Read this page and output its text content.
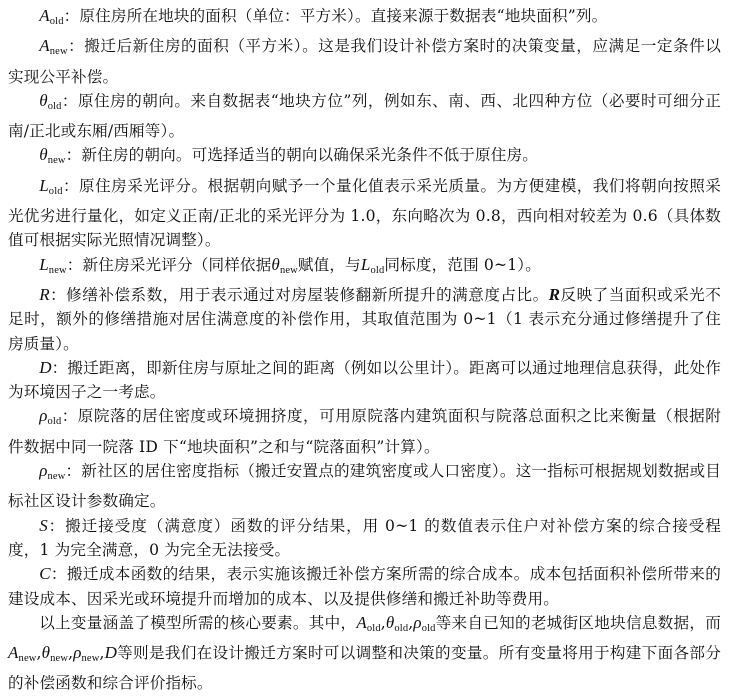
$A_{old}$：原住房所在地块的面积（单位：平方米）。直接来源于数据表“地块面积”列。

$A_{new}$：搬迁后新住房的面积（平方米）。这是我们设计补偿方案时的决策变量，应满足一定条件以实现公平补偿。

$\theta_{old}$：原住房的朝向。来自数据表“地块方位”列，例如东、南、西、北四种方位（必要时可细分正南/正北或东厢/西厢等）。

$\theta_{new}$：新住房的朝向。可选择适当的朝向以确保采光条件不低于原住房。

$L_{old}$：原住房采光评分。根据朝向赋予一个量化值表示采光质量。为方便建模，我们将朝向按照采光优劣进行量化，如定义正南/正北的采光评分为 1.0，东向略次为 0.8，西向相对较差为 0.6（具体数值可根据实际光照情况调整）。

$L_{new}$：新住房采光评分（同样依据$\theta_{new}$赋值，与$L_{old}$同标度，范围 0~1）。

R：修缮补偿系数，用于表示通过对房屋装修翻新所提升的满意度占比。R反映了当面积或采光不足时，额外的修缮措施对居住满意度的补偿作用，其取值范围为 0~1（1 表示充分通过修缮提升了住房质量）。

D：搬迁距离，即新住房与原址之间的距离（例如以公里计）。距离可以通过地理信息获得，此处作为环境因子之一考虑。

$\rho_{old}$：原院落的居住密度或环境拥挤度，可用原院落内建筑面积与院落总面积之比来衡量（根据附件数据中同一院落 ID 下“地块面积”之和与“院落面积”计算）。

$\rho_{new}$：新社区的居住密度指标（搬迁安置点的建筑密度或人口密度）。这一指标可根据规划数据或目标社区设计参数确定。

S：搬迁接受度（满意度）函数的评分结果，用 0~1 的数值表示住户对补偿方案的综合接受程度，1 为完全满意，0 为完全无法接受。

C：搬迁成本函数的结果，表示实施该搬迁补偿方案所需的综合成本。成本包括面积补偿所带来的建设成本、因采光或环境提升而增加的成本、以及提供修缮和搬迁补助等费用。

以上变量涵盖了模型所需的核心要素。其中，$A_{old},\theta_{old},\rho_{old}$等来自已知的老城街区地块信息数据，而$A_{new},\theta_{new},\rho_{new},D$等则是我们在设计搬迁方案时可以调整和决策的变量。所有变量将用于构建下面各部分的补偿函数和综合评价指标。
